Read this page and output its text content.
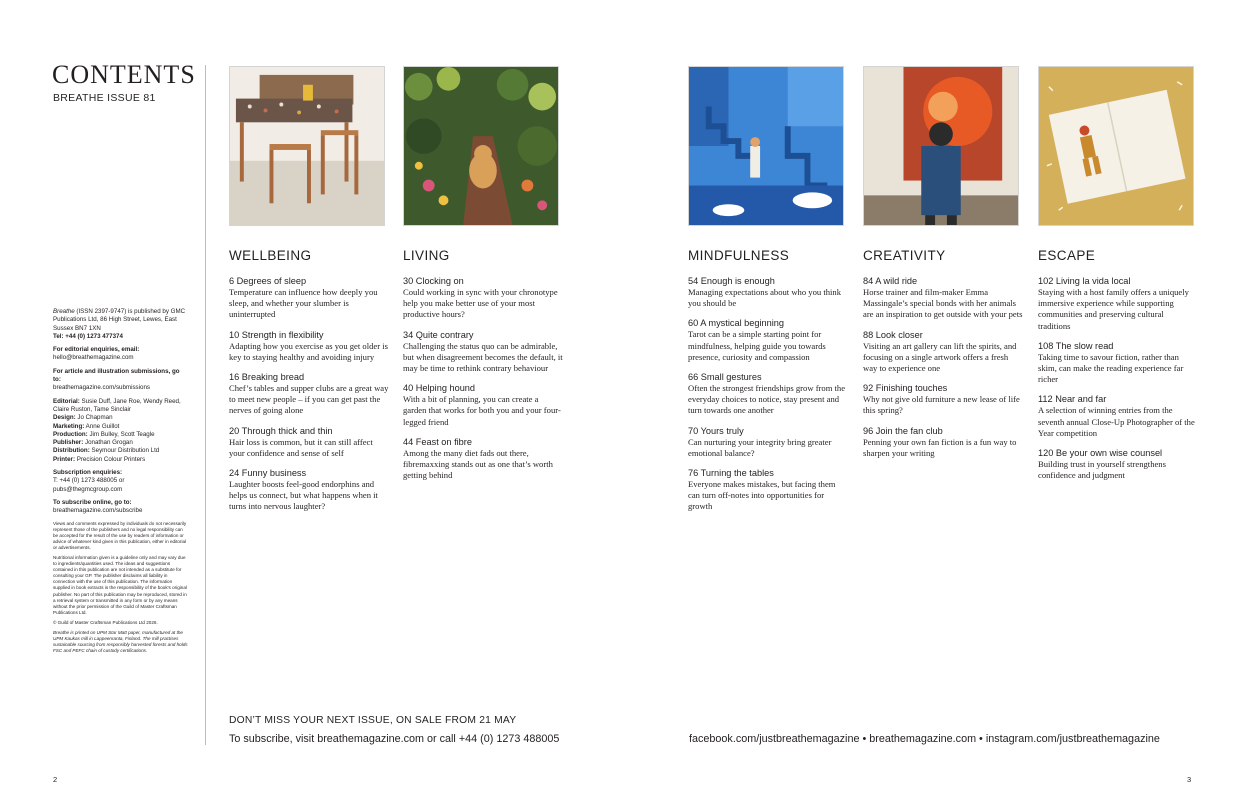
CONTENTS
BREATHE ISSUE 81

Breathe (ISSN 2397-9747) is published by GMC Publications Ltd, 86 High Street, Lewes, East Sussex BN7 1XN
Tel: +44 (0) 1273 477374

For editorial enquiries, email:
hello@breathemagazine.com

For article and illustration submissions, go to:
breathemagazine.com/submissions

Editorial: Susie Duff, Jane Roe, Wendy Reed, Claire Ruston, Tame Sinclair
Design: Jo Chapman
Marketing: Anne Guillot
Production: Jim Bulley, Scott Teagle
Publisher: Jonathan Grogan
Distribution: Seymour Distribution Ltd
Printer: Precision Colour Printers

Subscription enquiries:
T: +44 (0) 1273 488005 or pubs@thegmcgroup.com

To subscribe online, go to:
breathemagazine.com/subscribe

Views and comments expressed by individuals do not necessarily represent those of the publishers and no legal responsibility can be accepted for the result of the use by readers of information or advice of whatever kind given in this publication, either in editorial or advertisements.

Nutritional information given is a guideline only and may vary due to ingredients/quantities used. The ideas and suggestions contained in this publication are not intended as a substitute for consulting your GP. The publisher disclaims all liability in connection with the use of this publication. The information supplied in book extracts is the responsibility of the book's original publisher. No part of this publication may be reproduced, stored in a retrieval system or transmitted in any form or by any means without the prior permission of the Guild of Master Craftsman Publications Ltd.

© Guild of Master Craftsman Publications Ltd 2026.

Breathe is printed on UPM Star Matt paper, manufactured at the UPM Kaukas mill in Lappeenranta, Finland. The mill practises sustainable sourcing from responsibly harvested forests and holds FSC and PEFC chain of custody certifications.

WELLBEING
6 Degrees of sleep
Temperature can influence how deeply you sleep, and whether your slumber is uninterrupted
10 Strength in flexibility
Adapting how you exercise as you get older is key to staying healthy and avoiding injury
16 Breaking bread
Chef’s tables and supper clubs are a great way to meet new people – if you can get past the nerves of going alone
20 Through thick and thin
Hair loss is common, but it can still affect your confidence and sense of self
24 Funny business
Laughter boosts feel-good endorphins and helps us connect, but what happens when it turns into nervous laughter?
LIVING
30 Clocking on
Could working in sync with your chronotype help you make better use of your most productive hours?
34 Quite contrary
Challenging the status quo can be admirable, but when disagreement becomes the default, it may be time to rethink contrary behaviour
40 Helping hound
With a bit of planning, you can create a garden that works for both you and your four-legged friend
44 Feast on fibre
Among the many diet fads out there, fibremaxxing stands out as one that’s worth getting behind
MINDFULNESS
54 Enough is enough
Managing expectations about who you think you should be
60 A mystical beginning
Tarot can be a simple starting point for mindfulness, helping guide you towards presence, curiosity and compassion
66 Small gestures
Often the strongest friendships grow from the everyday choices to notice, stay present and turn towards one another
70 Yours truly
Can nurturing your integrity bring greater emotional balance?
76 Turning the tables
Everyone makes mistakes, but facing them can turn off-notes into opportunities for growth
CREATIVITY
84 A wild ride
Horse trainer and film-maker Emma Massingale’s special bonds with her animals are an inspiration to get outside with your pets
88 Look closer
Visiting an art gallery can lift the spirits, and focusing on a single artwork offers a fresh way to experience one
92 Finishing touches
Why not give old furniture a new lease of life this spring?
96 Join the fan club
Penning your own fan fiction is a fun way to sharpen your writing
ESCAPE
102 Living la vida local
Staying with a host family offers a uniquely immersive experience while supporting communities and preserving cultural traditions
108 The slow read
Taking time to savour fiction, rather than skim, can make the reading experience far richer
112 Near and far
A selection of winning entries from the seventh annual Close-Up Photographer of the Year competition
120 Be your own wise counsel
Building trust in yourself strengthens confidence and judgment
DON’T MISS YOUR NEXT ISSUE, ON SALE FROM 21 MAY
To subscribe, visit breathemagazine.com or call +44 (0) 1273 488005	facebook.com/justbreathemagazine • breathemagazine.com • instagram.com/justbreathemagazine
2	3
